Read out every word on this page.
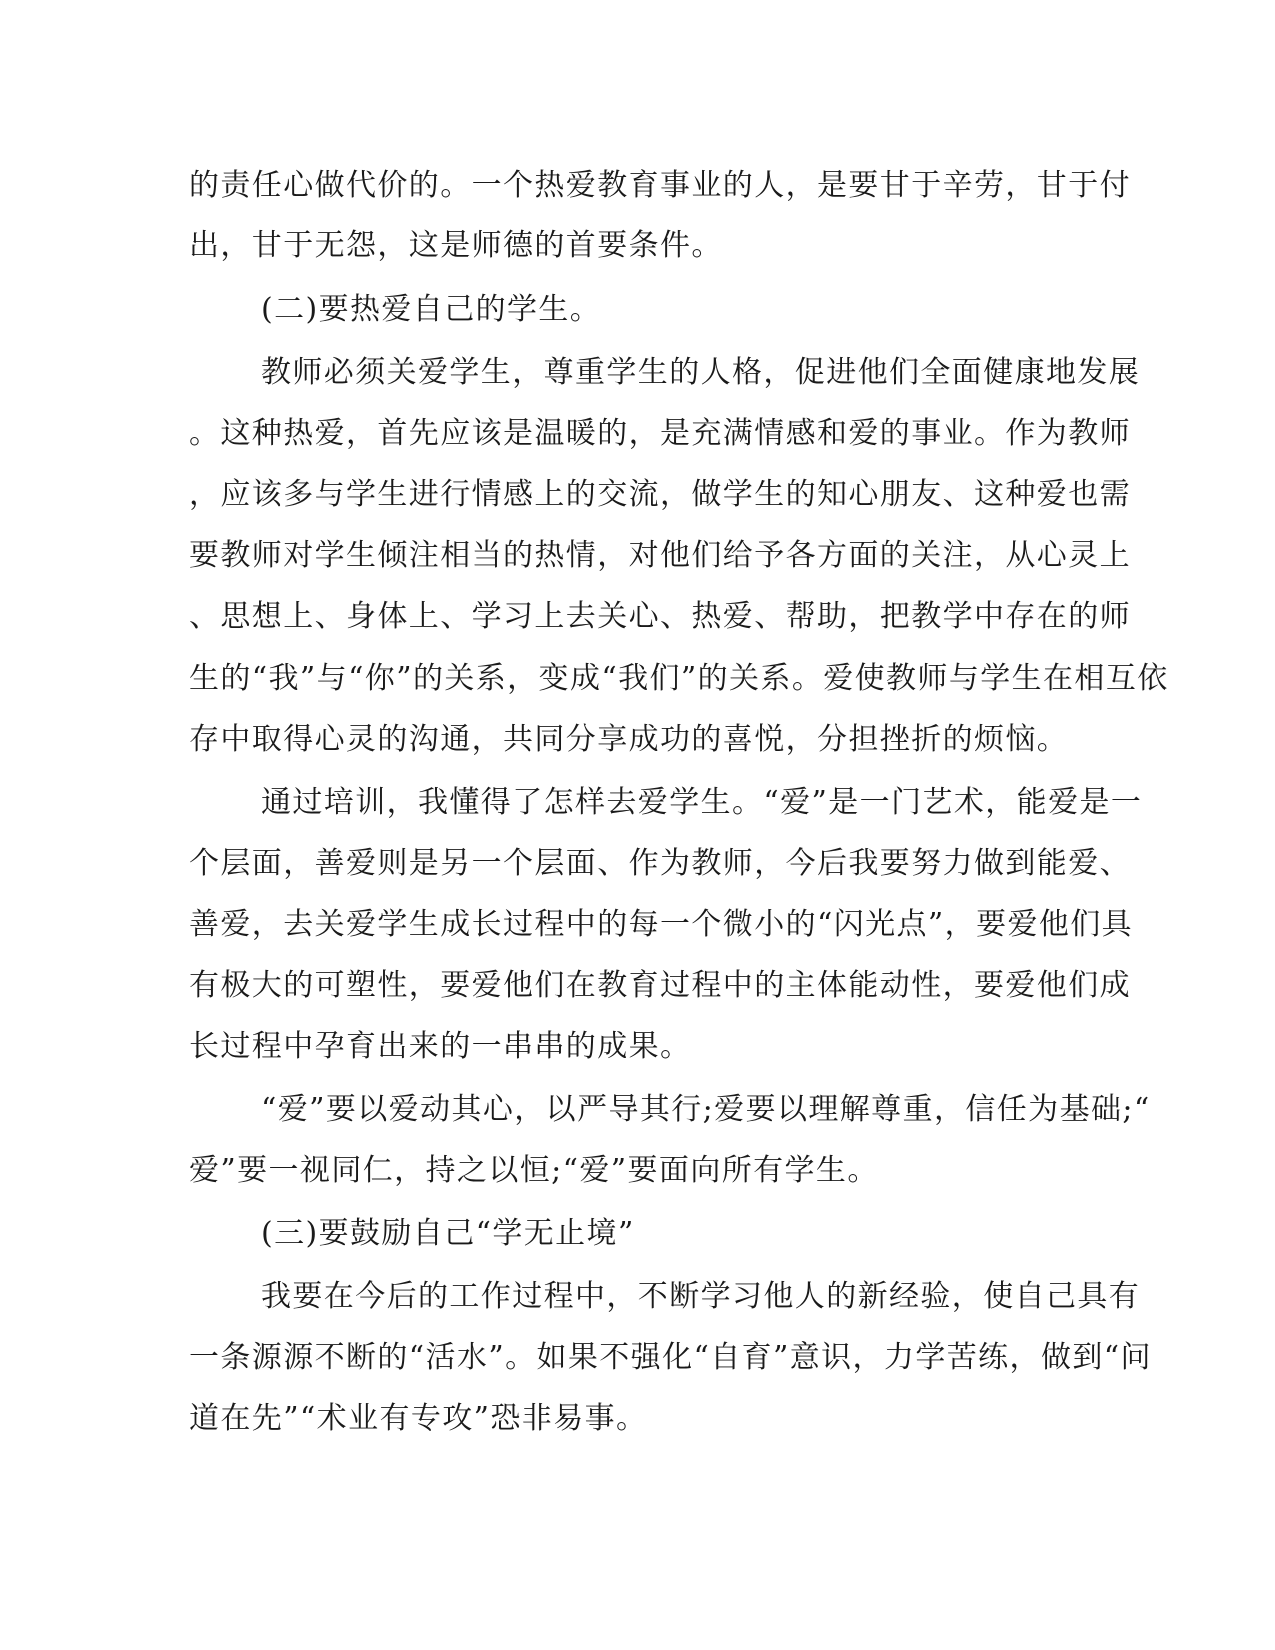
的责任心做代价的。一个热爱教育事业的人，是要甘于辛劳，甘于付
出，甘于无怨，这是师德的首要条件。
(二)要热爱自己的学生。
教师必须关爱学生，尊重学生的人格，促进他们全面健康地发展
。这种热爱，首先应该是温暖的，是充满情感和爱的事业。作为教师
，应该多与学生进行情感上的交流，做学生的知心朋友、这种爱也需
要教师对学生倾注相当的热情，对他们给予各方面的关注，从心灵上
、思想上、身体上、学习上去关心、热爱、帮助，把教学中存在的师
生的“我”与“你”的关系，变成“我们”的关系。爱使教师与学生在相互依
存中取得心灵的沟通，共同分享成功的喜悦，分担挫折的烦恼。
通过培训，我懂得了怎样去爱学生。“爱”是一门艺术，能爱是一
个层面，善爱则是另一个层面、作为教师，今后我要努力做到能爱、
善爱，去关爱学生成长过程中的每一个微小的“闪光点”，要爱他们具
有极大的可塑性，要爱他们在教育过程中的主体能动性，要爱他们成
长过程中孕育出来的一串串的成果。
“爱”要以爱动其心，以严导其行;爱要以理解尊重，信任为基础;“
爱”要一视同仁，持之以恒;“爱”要面向所有学生。
(三)要鼓励自己“学无止境”
我要在今后的工作过程中，不断学习他人的新经验，使自己具有
一条源源不断的“活水”。如果不强化“自育”意识，力学苦练，做到“问
道在先”“术业有专攻”恐非易事。
